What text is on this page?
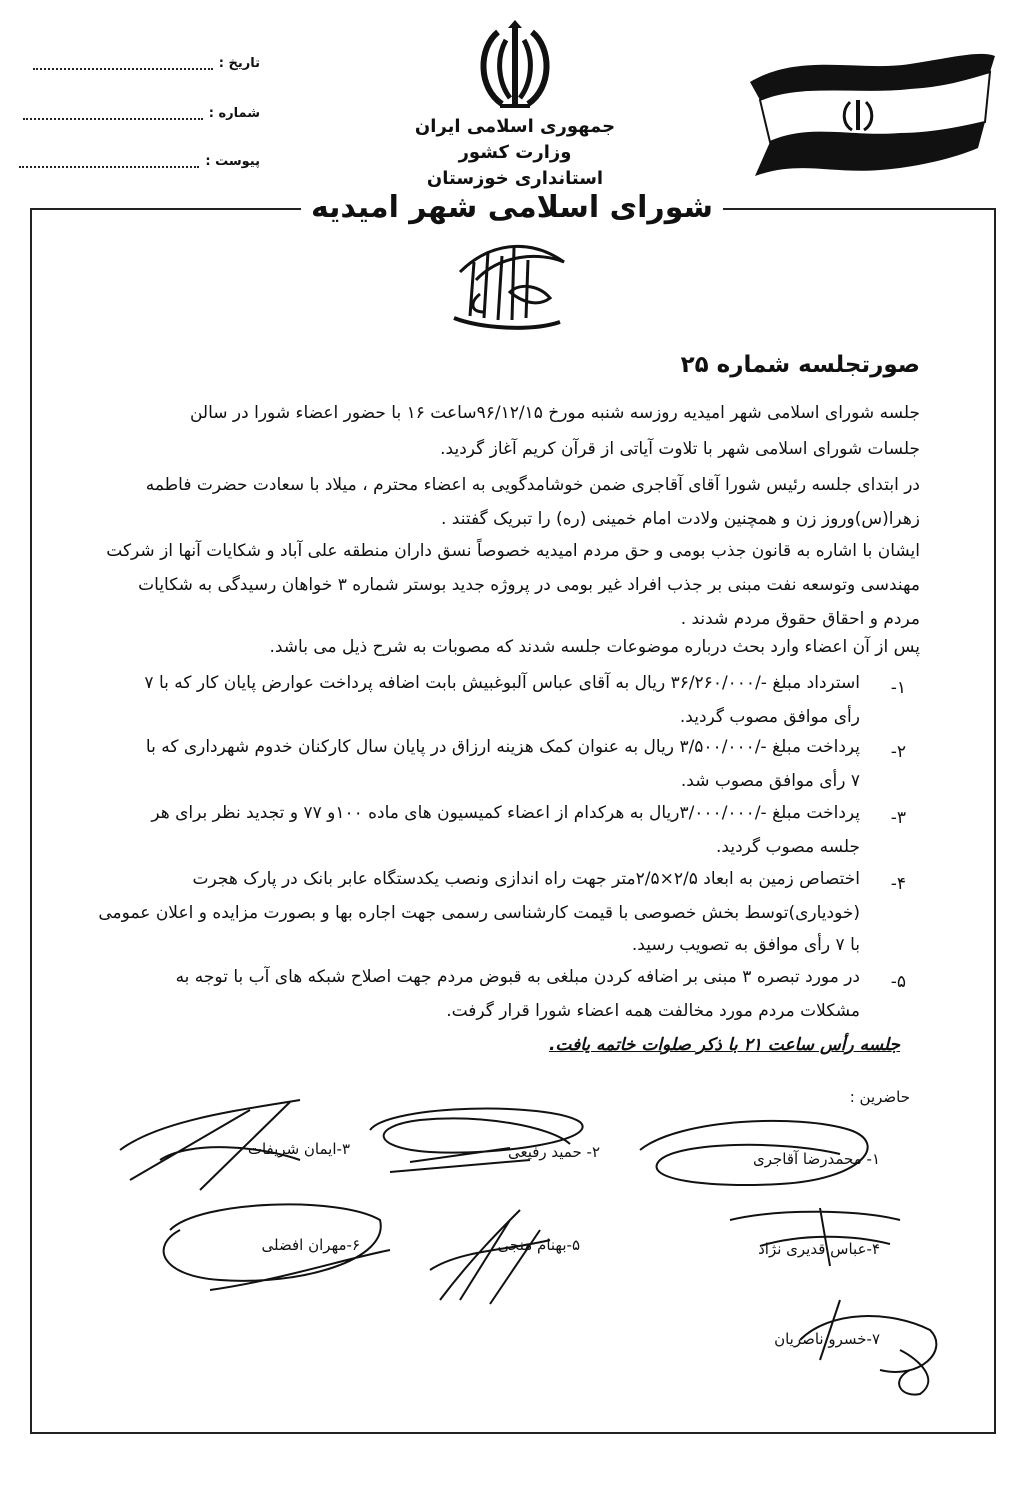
تاریخ :
شماره :
پیوست :
جمهوری اسلامی ایران
وزارت کشور
استانداری خوزستان
شورای اسلامی شهر امیدیه
صورتجلسه شماره ۲۵
جلسه شورای اسلامی شهر امیدیه روزسه شنبه مورخ ۹۶/۱۲/۱۵ساعت ۱۶ با حضور اعضاء شورا در سالن
جلسات شورای اسلامی شهر با تلاوت آیاتی از قرآن کریم آغاز گردید.
در ابتدای جلسه رئیس شورا آقای آقاجری ضمن خوشامدگویی به اعضاء محترم ، میلاد با سعادت حضرت فاطمه
زهرا(س)وروز زن و همچنین ولادت امام خمینی (ره) را تبریک گفتند .
ایشان با اشاره به قانون جذب بومی و حق مردم امیدیه خصوصاً نسق داران منطقه علی آباد و شکایات آنها از شرکت
مهندسی وتوسعه نفت مبنی بر جذب افراد غیر بومی در پروژه جدید بوستر شماره ۳ خواهان رسیدگی به شکایات
مردم و احقاق حقوق مردم شدند .
پس از آن اعضاء وارد بحث درباره موضوعات جلسه شدند که مصوبات به شرح ذیل می باشد.
۱-
استرداد مبلغ -/۳۶/۲۶۰/۰۰۰ ریال به آقای عباس آلبوغبیش بابت اضافه پرداخت عوارض پایان کار که با ۷
رأی موافق مصوب گردید.
۲-
پرداخت مبلغ -/۳/۵۰۰/۰۰۰ ریال به عنوان کمک هزینه ارزاق در پایان سال کارکنان خدوم شهرداری که با
۷ رأی موافق مصوب شد.
۳-
پرداخت مبلغ -/۳/۰۰۰/۰۰۰ریال به هرکدام از اعضاء کمیسیون های ماده ۱۰۰و ۷۷ و تجدید نظر برای هر
جلسه مصوب گردید.
۴-
اختصاص زمین به ابعاد ۲/۵×۲/۵متر جهت راه اندازی ونصب یکدستگاه عابر بانک در پارک هجرت
(خودیاری)توسط بخش خصوصی با قیمت کارشناسی رسمی جهت اجاره بها و بصورت مزایده و اعلان عمومی
با ۷ رأی موافق به تصویب رسید.
۵-
در مورد تبصره ۳ مبنی بر اضافه کردن مبلغی به قبوض مردم جهت اصلاح شبکه های آب با توجه به
مشکلات مردم مورد مخالفت همه اعضاء شورا قرار گرفت.
جلسه رأس ساعت ۲۱ با ذکر صلوات خاتمه یافت.
حاضرین :
۱- محمدرضا آقاجری
۲- حمید رفیعی
۳-ایمان شریفات
۴-عباس قدیری نژاد
۵-بهنام منجی
۶-مهران افضلی
۷-خسرو ناصریان
